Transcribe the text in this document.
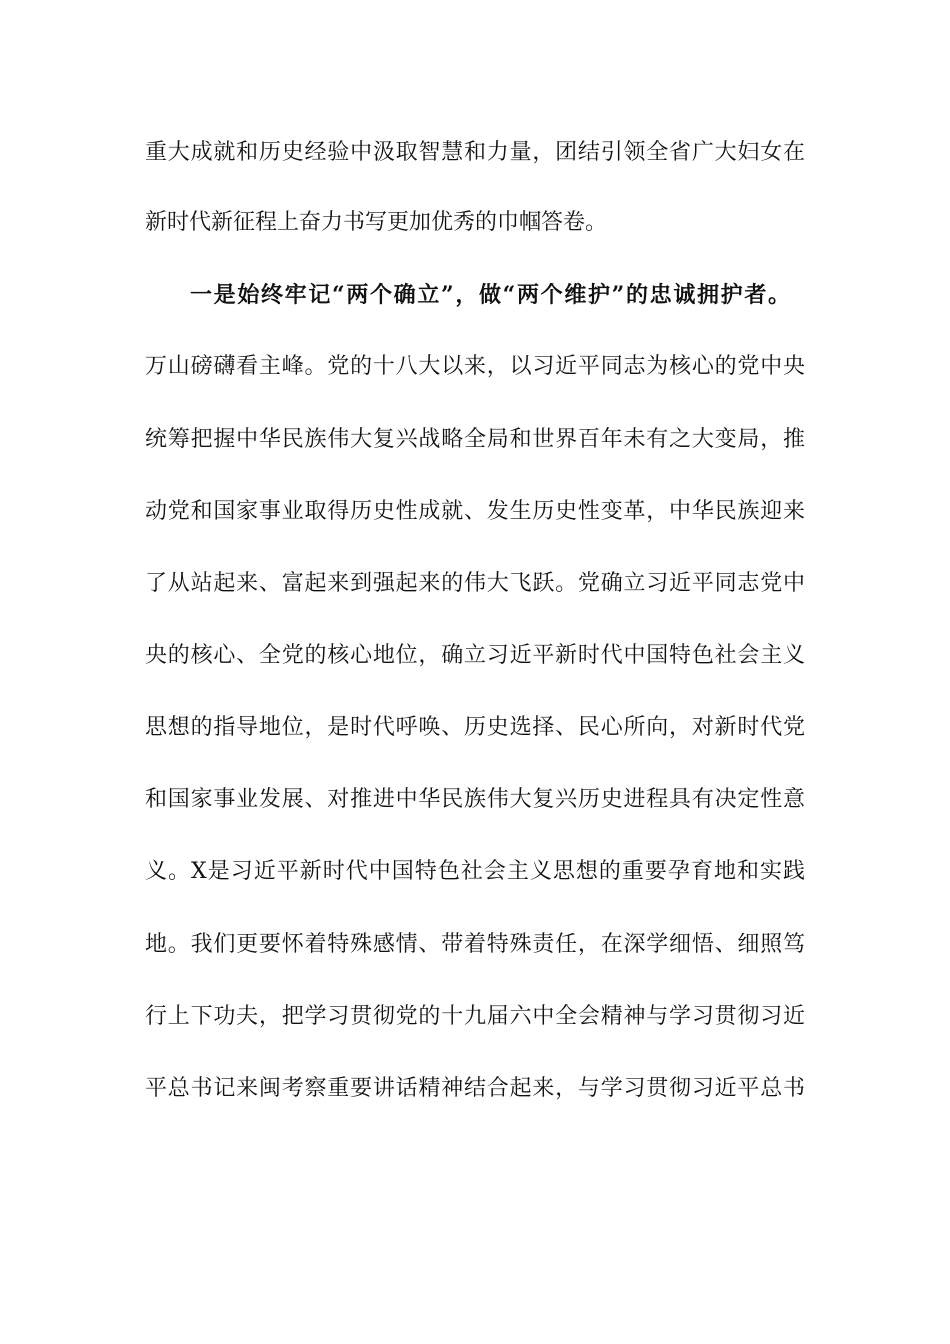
重大成就和历史经验中汲取智慧和力量，团结引领全省广大妇女在
新时代新征程上奋力书写更加优秀的巾帼答卷。
一是始终牢记“两个确立”，做“两个维护”的忠诚拥护者。
万山磅礴看主峰。党的十八大以来，以习近平同志为核心的党中央
统筹把握中华民族伟大复兴战略全局和世界百年未有之大变局，推
动党和国家事业取得历史性成就、发生历史性变革，中华民族迎来
了从站起来、富起来到强起来的伟大飞跃。党确立习近平同志党中
央的核心、全党的核心地位，确立习近平新时代中国特色社会主义
思想的指导地位，是时代呼唤、历史选择、民心所向，对新时代党
和国家事业发展、对推进中华民族伟大复兴历史进程具有决定性意
义。X是习近平新时代中国特色社会主义思想的重要孕育地和实践
地。我们更要怀着特殊感情、带着特殊责任，在深学细悟、细照笃
行上下功夫，把学习贯彻党的十九届六中全会精神与学习贯彻习近
平总书记来闽考察重要讲话精神结合起来，与学习贯彻习近平总书
